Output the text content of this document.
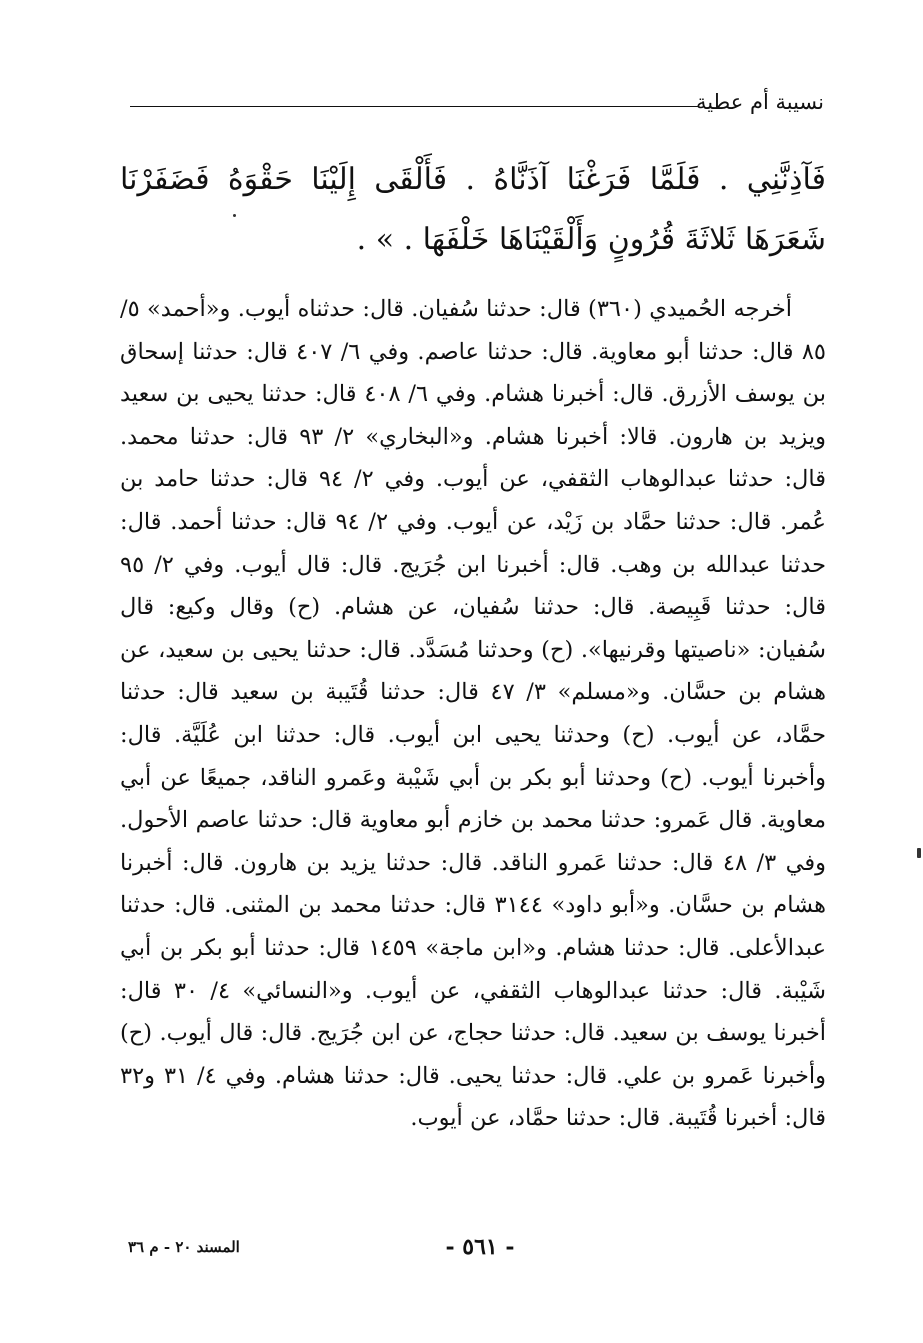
نسيبة أم عطية
فَآذِنَّنِي . فَلَمَّا فَرَغْنَا آذَنَّاهُ . فَأَلْقَى إِلَيْنَا حَقْوَهُ فَضَفَرْنَا شَعَرَهَا ثَلاثَةَ قُرُونٍ وَأَلْقَيْنَاهَا خَلْفَهَا . » .
أخرجه الحُميدي (٣٦٠) قال: حدثنا سُفيان. قال: حدثناه أيوب. و«أحمد» ٥/ ٨٥ قال: حدثنا أبو معاوية. قال: حدثنا عاصم. وفي ٦/ ٤٠٧ قال: حدثنا إسحاق بن يوسف الأزرق. قال: أخبرنا هشام. وفي ٦/ ٤٠٨ قال: حدثنا يحيى بن سعيد ويزيد بن هارون. قالا: أخبرنا هشام. و«البخاري» ٢/ ٩٣ قال: حدثنا محمد. قال: حدثنا عبدالوهاب الثقفي، عن أيوب. وفي ٢/ ٩٤ قال: حدثنا حامد بن عُمر. قال: حدثنا حمَّاد بن زَيْد، عن أيوب. وفي ٢/ ٩٤ قال: حدثنا أحمد. قال: حدثنا عبدالله بن وهب. قال: أخبرنا ابن جُرَيج. قال: قال أيوب. وفي ٢/ ٩٥ قال: حدثنا قَبِيصة. قال: حدثنا سُفيان، عن هشام. (ح) وقال وكيع: قال سُفيان: «ناصيتها وقرنيها». (ح) وحدثنا مُسَدَّد. قال: حدثنا يحيى بن سعيد، عن هشام بن حسَّان. و«مسلم» ٣/ ٤٧ قال: حدثنا قُتَيبة بن سعيد قال: حدثنا حمَّاد، عن أيوب. (ح) وحدثنا يحيى ابن أيوب. قال: حدثنا ابن عُلَيَّة. قال: وأخبرنا أيوب. (ح) وحدثنا أبو بكر بن أبي شَيْبة وعَمرو الناقد، جميعًا عن أبي معاوية. قال عَمرو: حدثنا محمد بن خازم أبو معاوية قال: حدثنا عاصم الأحول. وفي ٣/ ٤٨ قال: حدثنا عَمرو الناقد. قال: حدثنا يزيد بن هارون. قال: أخبرنا هشام بن حسَّان. و«أبو داود» ٣١٤٤ قال: حدثنا محمد بن المثنى. قال: حدثنا عبدالأعلى. قال: حدثنا هشام. و«ابن ماجة» ١٤٥٩ قال: حدثنا أبو بكر بن أبي شَيْبة. قال: حدثنا عبدالوهاب الثقفي، عن أيوب. و«النسائي» ٤/ ٣٠ قال: أخبرنا يوسف بن سعيد. قال: حدثنا حجاج، عن ابن جُرَيج. قال: قال أيوب. (ح) وأخبرنا عَمرو بن علي. قال: حدثنا يحيى. قال: حدثنا هشام. وفي ٤/ ٣١ و٣٢ قال: أخبرنا قُتَيبة. قال: حدثنا حمَّاد، عن أيوب.
المسند ٢٠ - م ٣٦	- ٥٦١ -
